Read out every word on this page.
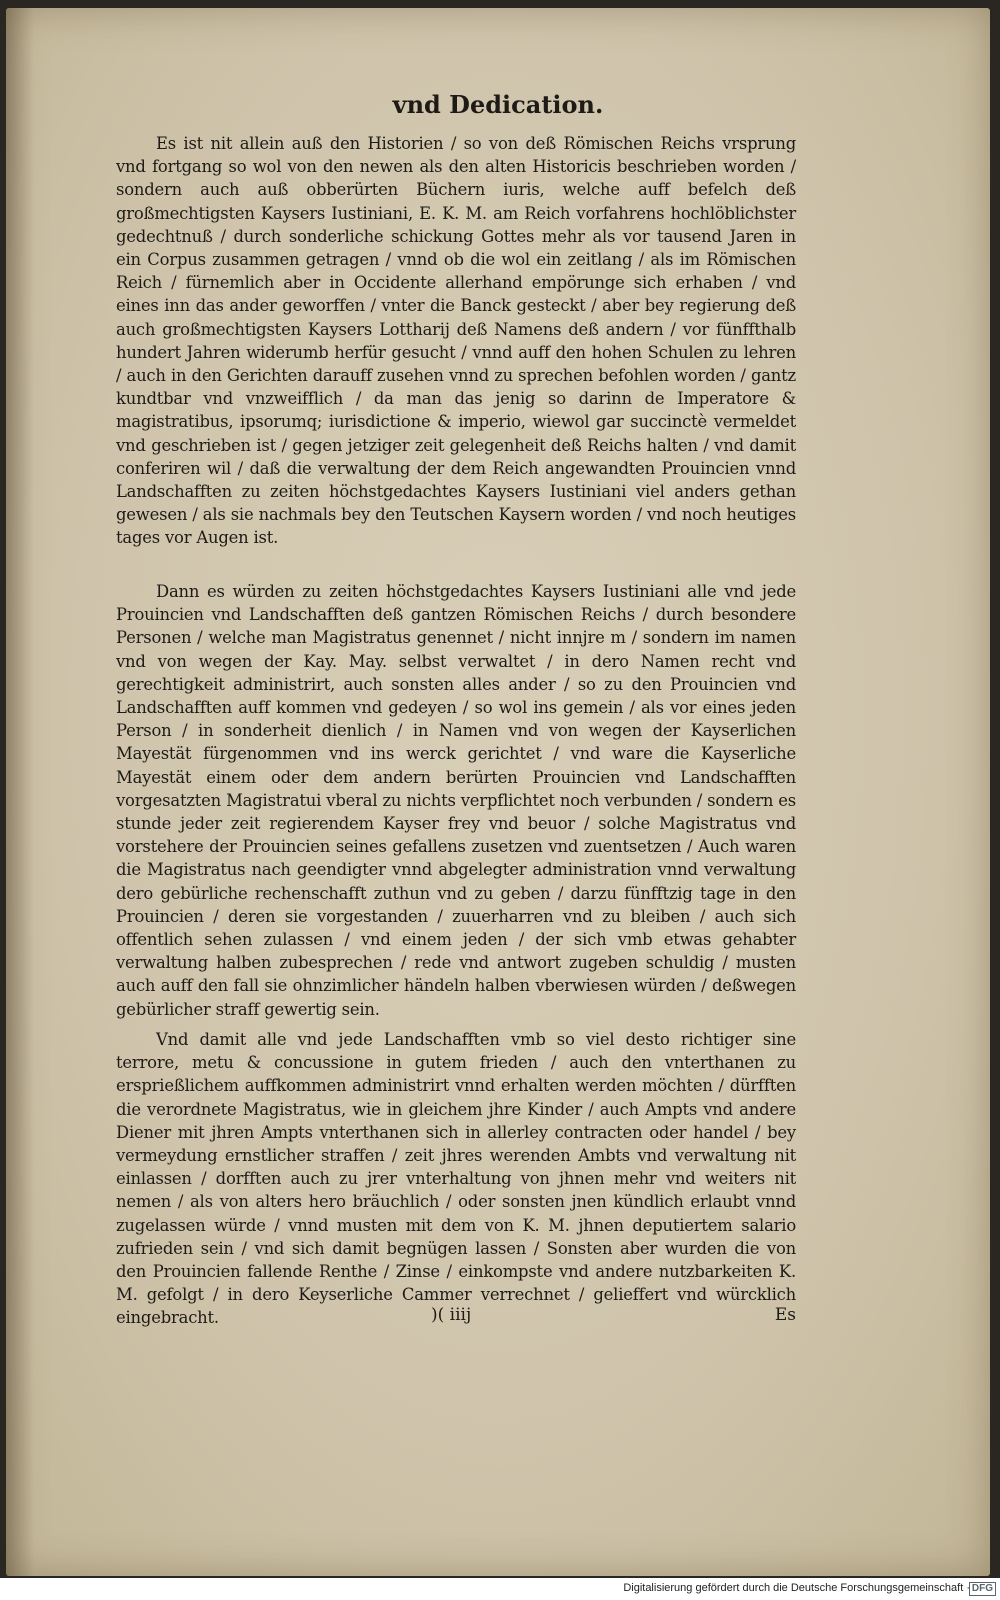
vnd Dedication.

Es ist nit allein auß den Historien / so von deß Römischen Reichs vrsprung vnd fortgang so wol von den newen als den alten Historicis beschrieben worden / sondern auch auß obberürten Büchern iuris, welche auff befelch deß großmechtigsten Kaysers Iustiniani, E. K. M. am Reich vorfahrens hochlöblichster gedechtnuß / durch sonderliche schickung Gottes mehr als vor tausend Jaren in ein Corpus zusammen getragen / vnnd ob die wol ein zeitlang / als im Römischen Reich / fürnemlich aber in Occidente allerhand empörunge sich erhaben / vnd eines inn das ander geworffen / vnter die Banck gesteckt / aber bey regierung deß auch großmechtigsten Kaysers Lottharij deß Namens deß andern / vor fünffthalb hundert Jahren widerumb herfür gesucht / vnnd auff den hohen Schulen zu lehren / auch in den Gerichten darauff zusehen vnnd zu sprechen befohlen worden / gantz kundtbar vnd vnzweifflich / da man das jenig so darinn de Imperatore & magistratibus, ipsorumq; iurisdictione & imperio, wiewol gar succinctè vermeldet vnd geschrieben ist / gegen jetziger zeit gelegenheit deß Reichs halten / vnd damit conferiren wil / daß die verwaltung der dem Reich angewandten Prouincien vnnd Landschafften zu zeiten höchstgedachtes Kaysers Iustiniani viel anders gethan gewesen / als sie nachmals bey den Teutschen Kaysern worden / vnd noch heutiges tages vor Augen ist.

Dann es würden zu zeiten höchstgedachtes Kaysers Iustiniani alle vnd jede Prouincien vnd Landschafften deß gantzen Römischen Reichs / durch besondere Personen / welche man Magistratus genennet / nicht innjre m / sondern im namen vnd von wegen der Kay. May. selbst verwaltet / in dero Namen recht vnd gerechtigkeit administrirt, auch sonsten alles ander / so zu den Prouincien vnd Landschafften auff kommen vnd gedeyen / so wol ins gemein / als vor eines jeden Person / in sonderheit dienlich / in Namen vnd von wegen der Kayserlichen Mayestät fürgenommen vnd ins werck gerichtet / vnd ware die Kayserliche Mayestät einem oder dem andern berürten Prouincien vnd Landschafften vorgesatzten Magistratui vberal zu nichts verpflichtet noch verbunden / sondern es stunde jeder zeit regierendem Kayser frey vnd beuor / solche Magistratus vnd vorstehere der Prouincien seines gefallens zusetzen vnd zuentsetzen / Auch waren die Magistratus nach geendigter vnnd abgelegter administration vnnd verwaltung dero gebürliche rechenschafft zuthun vnd zu geben / darzu fünfftzig tage in den Prouincien / deren sie vorgestanden / zuuerharren vnd zu bleiben / auch sich offentlich sehen zulassen / vnd einem jeden / der sich vmb etwas gehabter verwaltung halben zubesprechen / rede vnd antwort zugeben schuldig / musten auch auff den fall sie ohnzimlicher händeln halben vberwiesen würden / deßwegen gebürlicher straff gewertig sein.

Vnd damit alle vnd jede Landschafften vmb so viel desto richtiger sine terrore, metu & concussione in gutem frieden / auch den vnterthanen zu ersprießlichem auffkommen administrirt vnnd erhalten werden möchten / dürfften die verordnete Magistratus, wie in gleichem jhre Kinder / auch Ampts vnd andere Diener mit jhren Ampts vnterthanen sich in allerley contracten oder handel / bey vermeydung ernstlicher straffen / zeit jhres werenden Ambts vnd verwaltung nit einlassen / dorfften auch zu jrer vnterhaltung von jhnen mehr vnd weiters nit nemen / als von alters hero bräuchlich / oder sonsten jnen kündlich erlaubt vnnd zugelassen würde / vnnd musten mit dem von K. M. jhnen deputiertem salario zufrieden sein / vnd sich damit begnügen lassen / Sonsten aber wurden die von den Prouincien fallende Renthe / Zinse / einkompste vnd andere nutzbarkeiten K. M. gefolgt / in dero Keyserliche Cammer verrechnet / gelieffert vnd würcklich eingebracht.	)( iiij	Es
Digitalisierung gefördert durch die Deutsche Forschungsgemeinschaft · DFG
